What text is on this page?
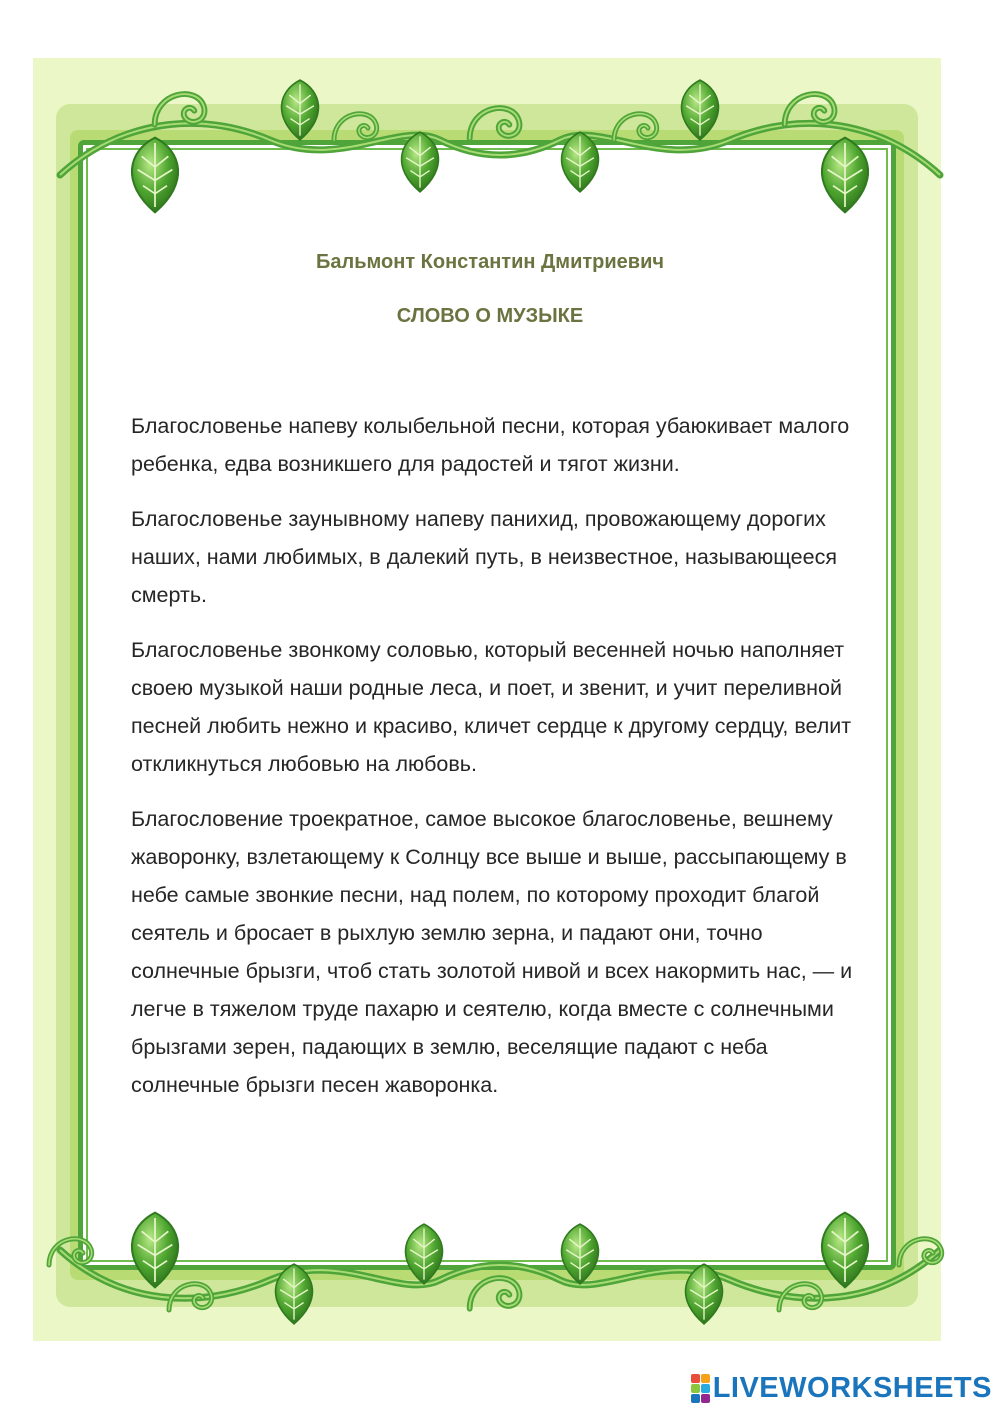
Бальмонт Константин Дмитриевич
СЛОВО О МУЗЫКЕ

Благословенье напеву колыбельной песни, которая убаюкивает малого ребенка, едва возникшего для радостей и тягот жизни.

Благословенье заунывному напеву панихид, провожающему дорогих наших, нами любимых, в далекий путь, в неизвестное, называющееся смерть.

Благословенье звонкому соловью, который весенней ночью наполняет своею музыкой наши родные леса, и поет, и звенит, и учит переливной песней любить нежно и красиво, кличет сердце к другому сердцу, велит откликнуться любовью на любовь.

Благословение троекратное, самое высокое благословенье, вешнему жаворонку, взлетающему к Солнцу все выше и выше, рассыпающему в небе самые звонкие песни, над полем, по которому проходит благой сеятель и бросает в рыхлую землю зерна, и падают они, точно солнечные брызги, чтоб стать золотой нивой и всех накормить нас, — и легче в тяжелом труде пахарю и сеятелю, когда вместе с солнечными брызгами зерен, падающих в землю, веселящие падают с неба солнечные брызги песен жаворонка.

LIVEWORKSHEETS
